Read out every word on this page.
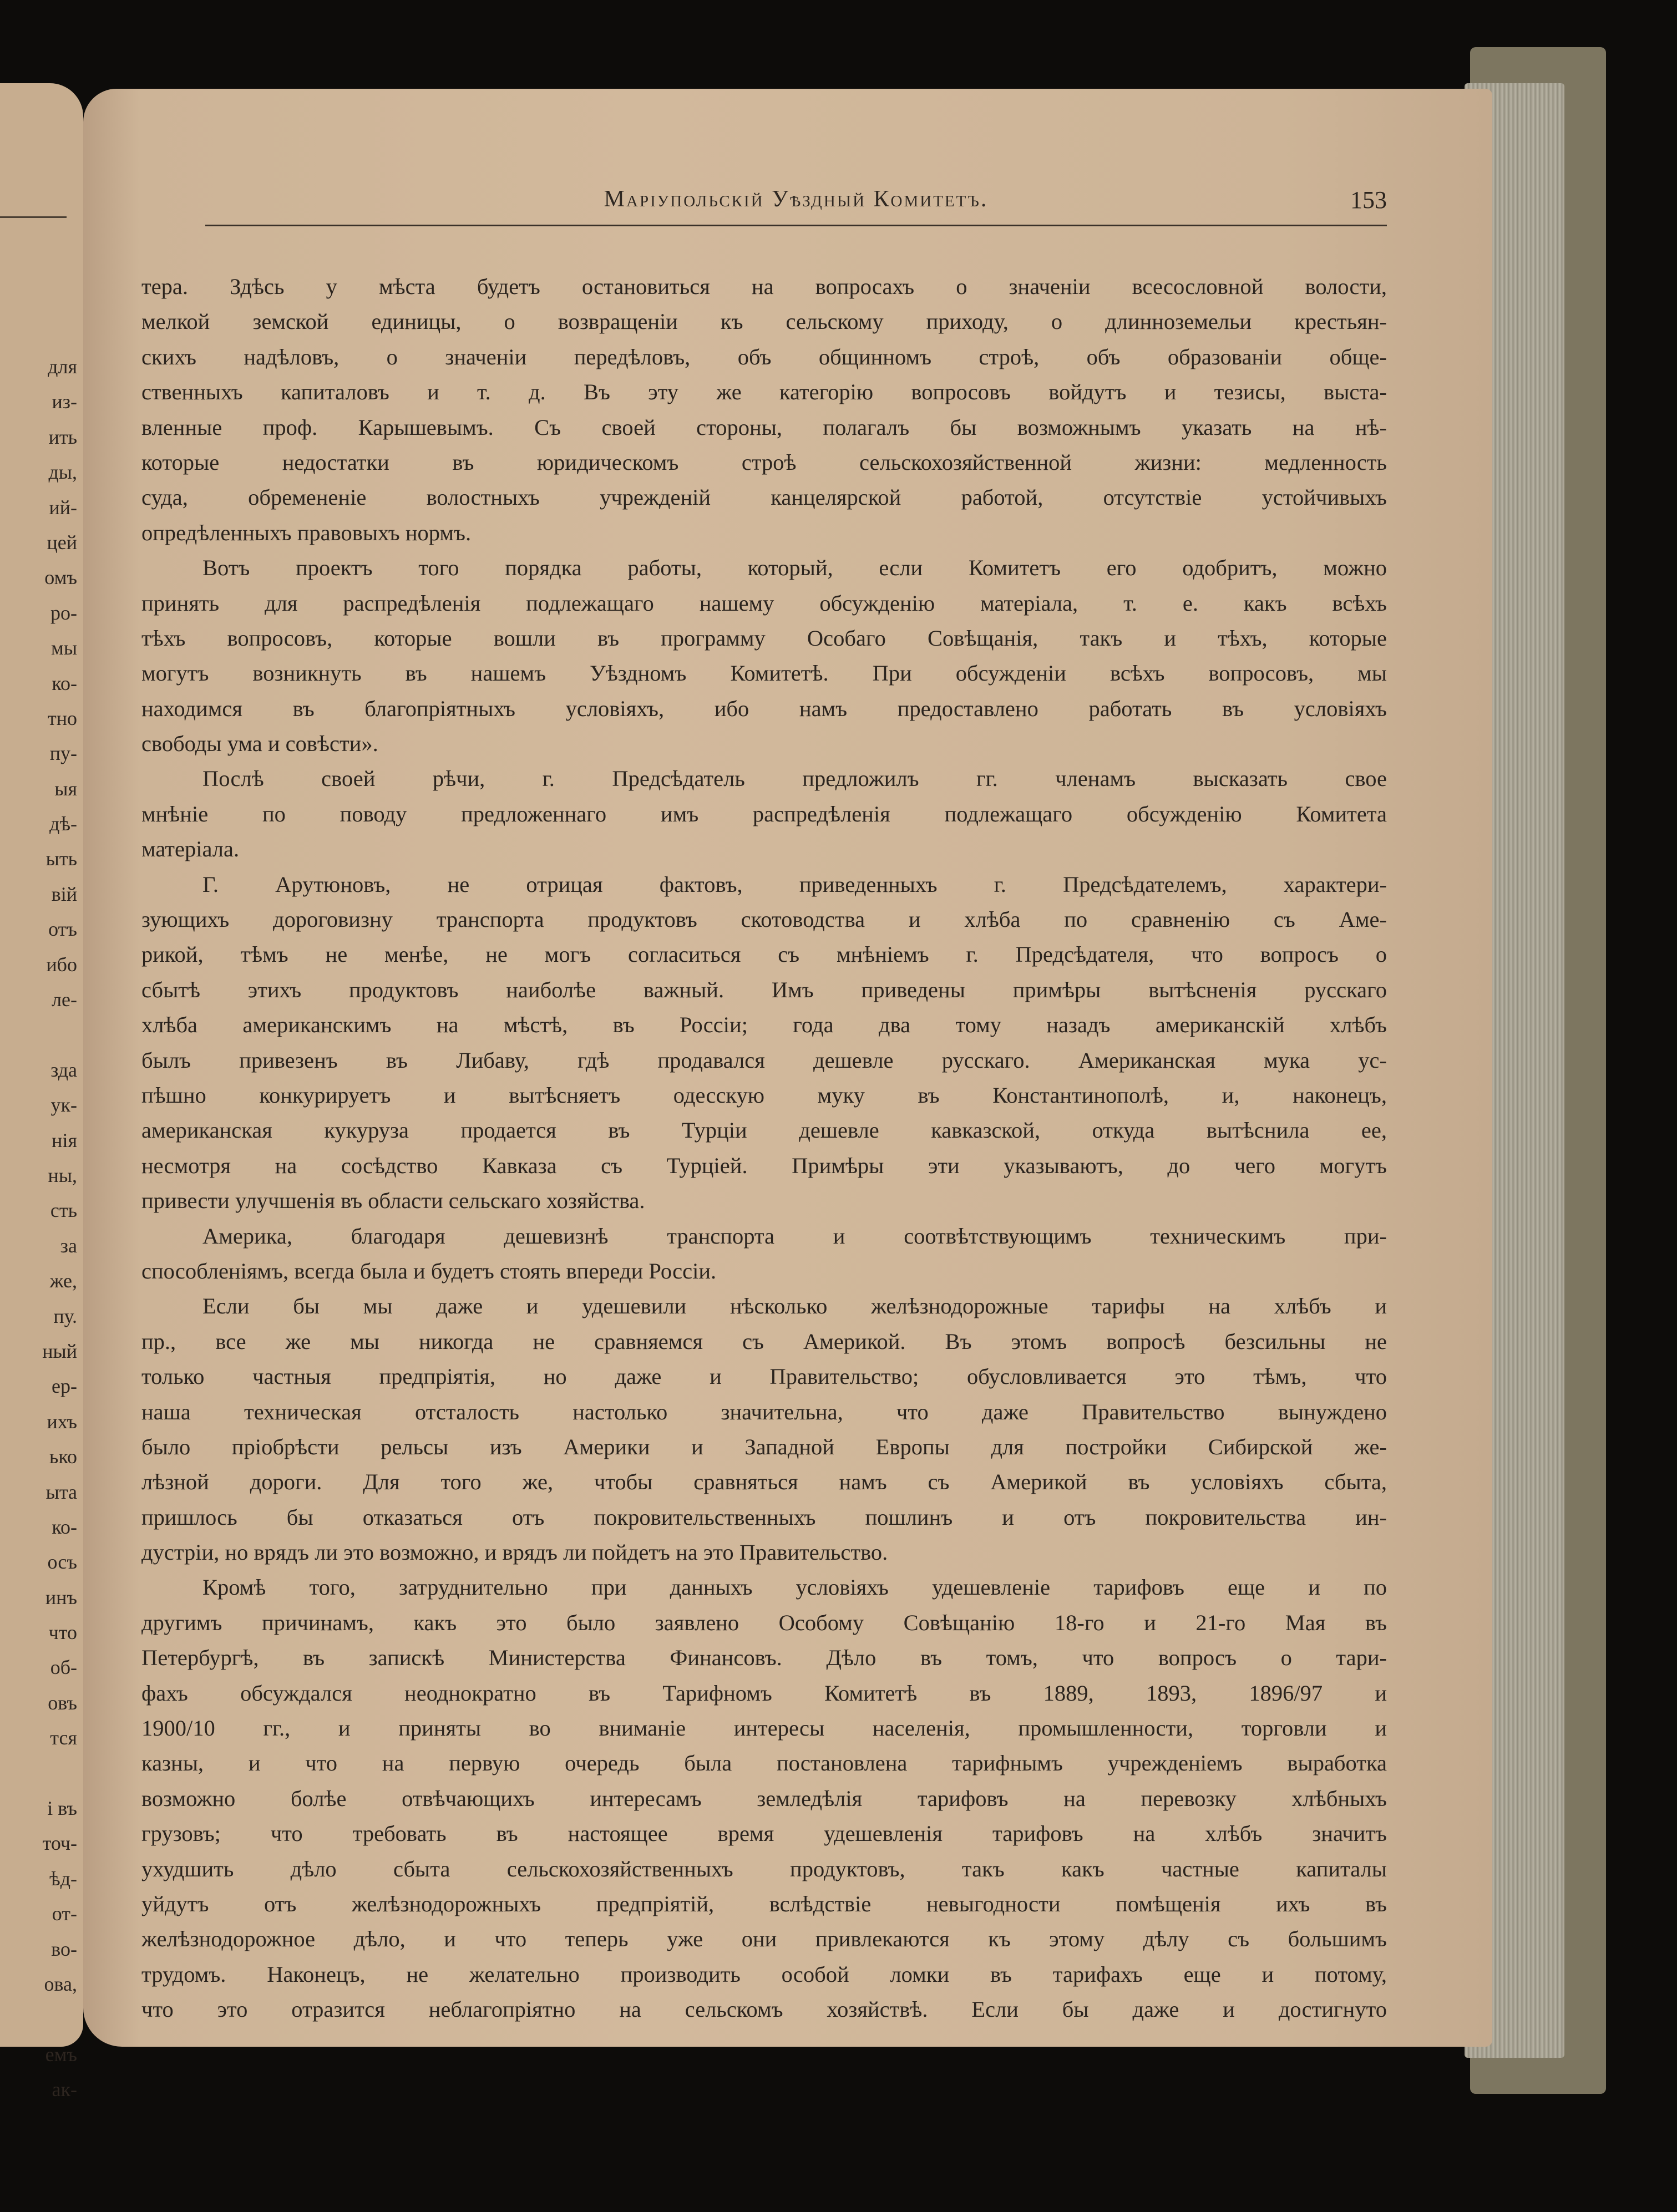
для
из-
ить
ды,
ий-
цей
омъ
ро-
мы
ко-
тно
пу-
ыя
дѣ-
ыть
вій
отъ
ибо
ле-
зда
ук-
нія
ны,
сть
за
же,
пу.
ный
ер-
ихъ
ько
ыта
ко-
осъ
инъ
что
об-
овъ
тся
і въ
точ-
ѣд-
от-
во-
ова,
емъ
ак-
Маріупольскій Уѣздный Комитетъ.	153
тера. Здѣсь у мѣста будетъ остановиться на вопросахъ о значеніи всесословной волости,
мелкой земской единицы, о возвращеніи къ сельскому приходу, о длинноземельи крестьян-
скихъ надѣловъ, о значеніи передѣловъ, объ общинномъ строѣ, объ образованіи обще-
ственныхъ капиталовъ и т. д. Въ эту же категорію вопросовъ войдутъ и тезисы, выста-
вленные проф. Карышевымъ. Съ своей стороны, полагалъ бы возможнымъ указать на нѣ-
которые недостатки въ юридическомъ строѣ сельскохозяйственной жизни: медленность
суда, обремененіе волостныхъ учрежденій канцелярской работой, отсутствіе устойчивыхъ
опредѣленныхъ правовыхъ нормъ.
Вотъ проектъ того порядка работы, который, если Комитетъ его одобритъ, можно
принять для распредѣленія подлежащаго нашему обсужденію матеріала, т. е. какъ всѣхъ
тѣхъ вопросовъ, которые вошли въ программу Особаго Совѣщанія, такъ и тѣхъ, которые
могутъ возникнуть въ нашемъ Уѣздномъ Комитетѣ. При обсужденіи всѣхъ вопросовъ, мы
находимся въ благопріятныхъ условіяхъ, ибо намъ предоставлено работать въ условіяхъ
свободы ума и совѣсти».
Послѣ своей рѣчи, г. Предсѣдатель предложилъ гг. членамъ высказать свое
мнѣніе по поводу предложеннаго имъ распредѣленія подлежащаго обсужденію Комитета
матеріала.
Г. Арутюновъ, не отрицая фактовъ, приведенныхъ г. Предсѣдателемъ, характери-
зующихъ дороговизну транспорта продуктовъ скотоводства и хлѣба по сравненію съ Аме-
рикой, тѣмъ не менѣе, не могъ согласиться съ мнѣніемъ г. Предсѣдателя, что вопросъ о
сбытѣ этихъ продуктовъ наиболѣе важный. Имъ приведены примѣры вытѣсненія русскаго
хлѣба американскимъ на мѣстѣ, въ Россіи; года два тому назадъ американскій хлѣбъ
былъ привезенъ въ Либаву, гдѣ продавался дешевле русскаго. Американская мука ус-
пѣшно конкурируетъ и вытѣсняетъ одесскую муку въ Константинополѣ, и, наконецъ,
американская кукуруза продается въ Турціи дешевле кавказской, откуда вытѣснила ее,
несмотря на сосѣдство Кавказа съ Турціей. Примѣры эти указываютъ, до чего могутъ
привести улучшенія въ области сельскаго хозяйства.
Америка, благодаря дешевизнѣ транспорта и соотвѣтствующимъ техническимъ при-
способленіямъ, всегда была и будетъ стоять впереди Россіи.
Если бы мы даже и удешевили нѣсколько желѣзнодорожные тарифы на хлѣбъ и
пр., все же мы никогда не сравняемся съ Америкой. Въ этомъ вопросѣ безсильны не
только частныя предпріятія, но даже и Правительство; обусловливается это тѣмъ, что
наша техническая отсталость настолько значительна, что даже Правительство вынуждено
было пріобрѣсти рельсы изъ Америки и Западной Европы для постройки Сибирской же-
лѣзной дороги. Для того же, чтобы сравняться намъ съ Америкой въ условіяхъ сбыта,
пришлось бы отказаться отъ покровительственныхъ пошлинъ и отъ покровительства ин-
дустріи, но врядъ ли это возможно, и врядъ ли пойдетъ на это Правительство.
Кромѣ того, затруднительно при данныхъ условіяхъ удешевленіе тарифовъ еще и по
другимъ причинамъ, какъ это было заявлено Особому Совѣщанію 18-го и 21-го Мая въ
Петербургѣ, въ запискѣ Министерства Финансовъ. Дѣло въ томъ, что вопросъ о тари-
фахъ обсуждался неоднократно въ Тарифномъ Комитетѣ въ 1889, 1893, 1896/97 и
1900/10 гг., и приняты во вниманіе интересы населенія, промышленности, торговли и
казны, и что на первую очередь была постановлена тарифнымъ учрежденіемъ выработка
возможно болѣе отвѣчающихъ интересамъ земледѣлія тарифовъ на перевозку хлѣбныхъ
грузовъ; что требовать въ настоящее время удешевленія тарифовъ на хлѣбъ значитъ
ухудшить дѣло сбыта сельскохозяйственныхъ продуктовъ, такъ какъ частные капиталы
уйдутъ отъ желѣзнодорожныхъ предпріятій, вслѣдствіе невыгодности помѣщенія ихъ въ
желѣзнодорожное дѣло, и что теперь уже они привлекаются къ этому дѣлу съ большимъ
трудомъ. Наконецъ, не желательно производить особой ломки въ тарифахъ еще и потому,
что это отразится неблагопріятно на сельскомъ хозяйствѣ. Если бы даже и достигнуто
